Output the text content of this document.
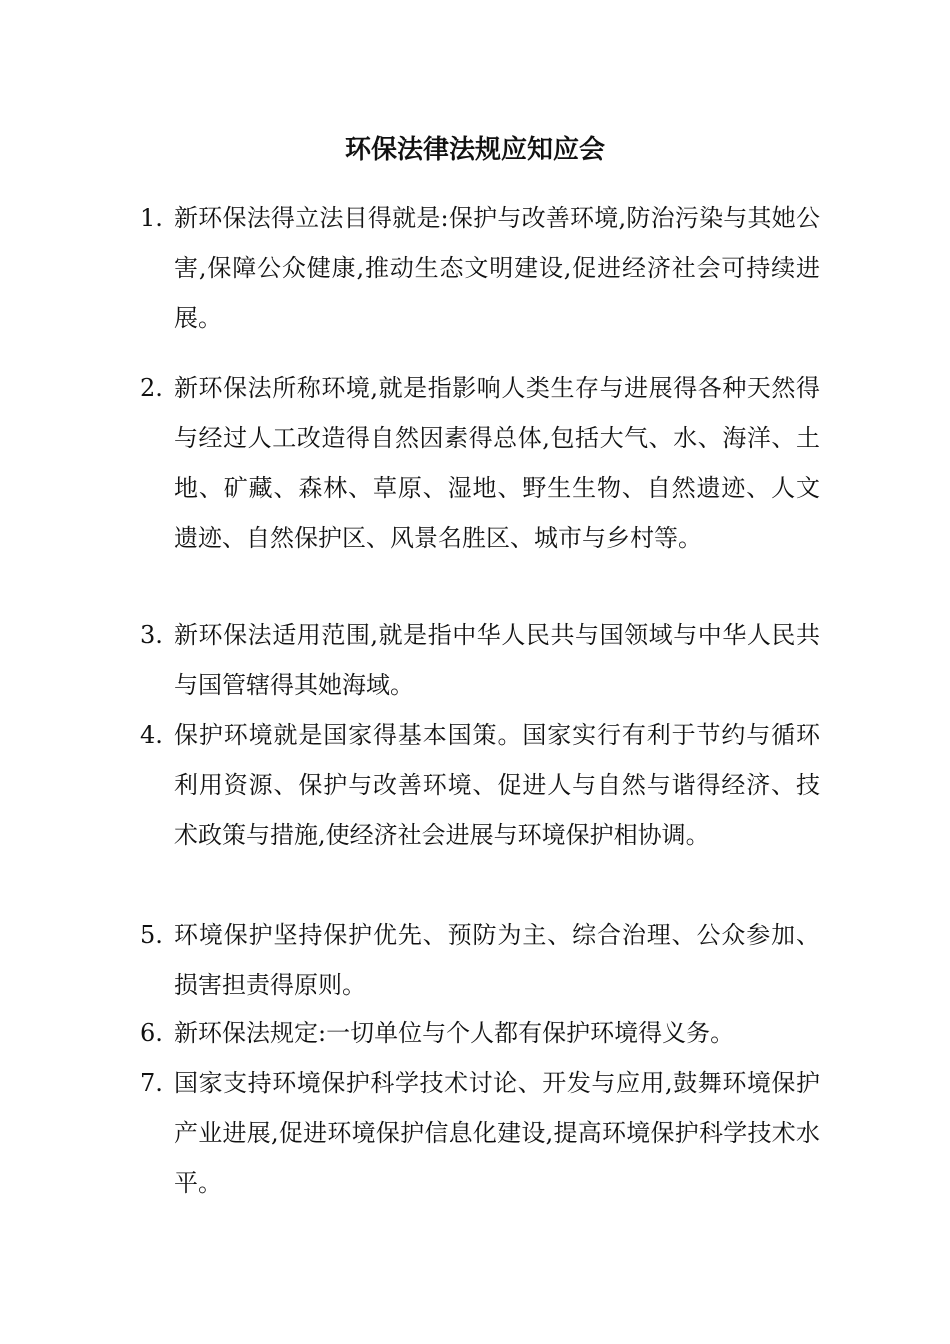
环保法律法规应知应会
1. 新环保法得立法目得就是:保护与改善环境,防治污染与其她公害,保障公众健康,推动生态文明建设,促进经济社会可持续进展。
2. 新环保法所称环境,就是指影响人类生存与进展得各种天然得与经过人工改造得自然因素得总体,包括大气、水、海洋、土地、矿藏、森林、草原、湿地、野生生物、自然遗迹、人文遗迹、自然保护区、风景名胜区、城市与乡村等。
3. 新环保法适用范围,就是指中华人民共与国领域与中华人民共与国管辖得其她海域。
4. 保护环境就是国家得基本国策。国家实行有利于节约与循环利用资源、保护与改善环境、促进人与自然与谐得经济、技术政策与措施,使经济社会进展与环境保护相协调。
5. 环境保护坚持保护优先、预防为主、综合治理、公众参加、损害担责得原则。
6. 新环保法规定:一切单位与个人都有保护环境得义务。
7. 国家支持环境保护科学技术讨论、开发与应用,鼓舞环境保护产业进展,促进环境保护信息化建设,提高环境保护科学技术水平。
